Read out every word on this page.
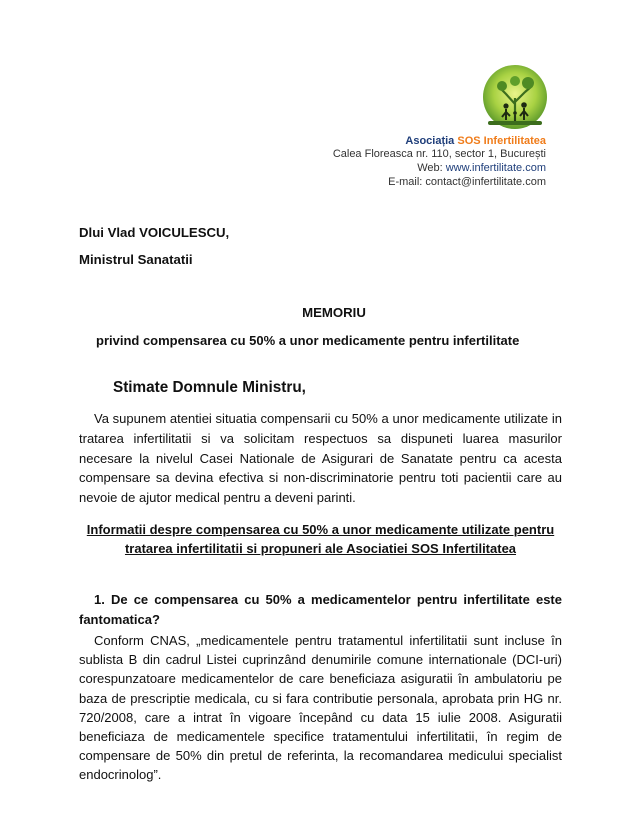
Asociația SOS Infertilitatea
Calea Floreasca nr. 110, sector 1, București
Web: www.infertilitate.com
E-mail: contact@infertilitate.com
Dlui Vlad VOICULESCU,
Ministrul Sanatatii
MEMORIU
privind compensarea cu 50% a unor medicamente pentru infertilitate
Stimate Domnule Ministru,

Va supunem atentiei situatia compensarii cu 50% a unor medicamente utilizate in tratarea infertilitatii si va solicitam respectuos sa dispuneti luarea masurilor necesare la nivelul Casei Nationale de Asigurari de Sanatate pentru ca acesta compensare sa devina efectiva si non-discriminatorie pentru toti pacientii care au nevoie de ajutor medical pentru a deveni parinti.

Informatii despre compensarea cu 50% a unor medicamente utilizate pentru tratarea infertilitatii si propuneri ale Asociatiei SOS Infertilitatea

1. De ce compensarea cu 50% a medicamentelor pentru infertilitate este fantomatica?

Conform CNAS, „medicamentele pentru tratamentul infertilitatii sunt incluse în sublista B din cadrul Listei cuprinzând denumirile comune internationale (DCI-uri) corespunzatoare medicamentelor de care beneficiaza asiguratii în ambulatoriu pe baza de prescriptie medicala, cu si fara contributie personala, aprobata prin HG nr. 720/2008, care a intrat în vigoare începând cu data 15 iulie 2008. Asiguratii beneficiaza de medicamentele specifice tratamentului infertilitatii, în regim de compensare de 50% din pretul de referinta, la recomandarea medicului specialist endocrinolog”.
